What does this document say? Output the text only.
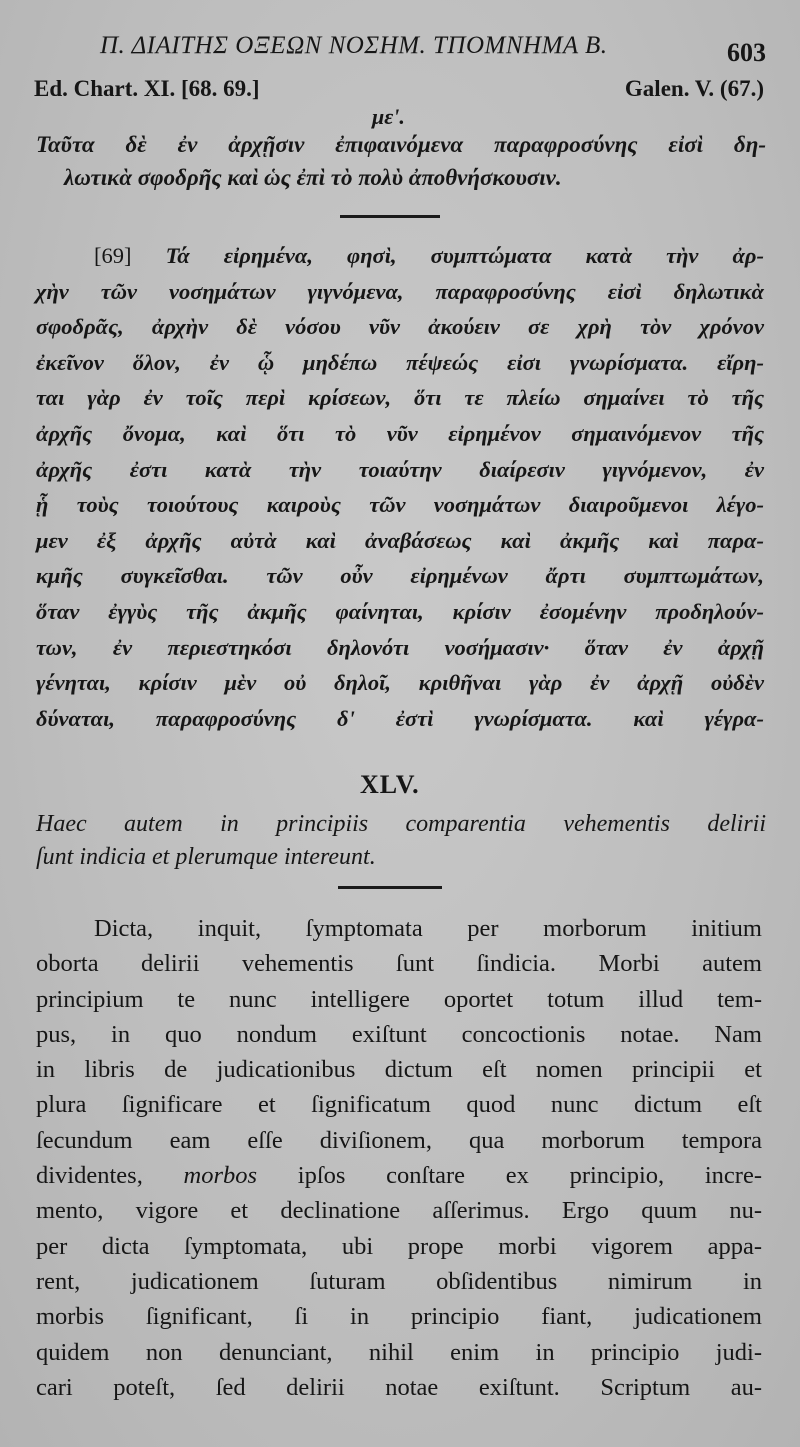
Π. ΔΙΑΙΤΗΣ ΟΞΕΩΝ ΝΟΣΗΜ. ΤΠΟΜΝΗΜΑ Β.	603
Ed. Chart. XI. [68. 69.]	Galen. V. (67.)
με'.
Ταῦτα δὲ ἐν ἀρχῇσιν ἐπιφαινόμενα παραφροσύνης εἰσὶ δη-
λωτικὰ σφοδρῆς καὶ ὡς ἐπὶ τὸ πολὺ ἀποθνήσκουσιν.
[69] Τά εἰρημένα, φησὶ, συμπτώματα κατὰ τὴν ἀρ-
χὴν τῶν νοσημάτων γιγνόμενα, παραφροσύνης εἰσὶ δηλωτικὰ
σφοδρᾶς, ἀρχὴν δὲ νόσου νῦν ἀκούειν σε χρὴ τὸν χρόνον
ἐκεῖνον ὅλον, ἐν ᾧ μηδέπω πέψεώς εἰσι γνωρίσματα. εἴρη-
ται γὰρ ἐν τοῖς περὶ κρίσεων, ὅτι τε πλείω σημαίνει τὸ τῆς
ἀρχῆς ὄνομα, καὶ ὅτι τὸ νῦν εἰρημένον σημαινόμενον τῆς
ἀρχῆς ἐστι κατὰ τὴν τοιαύτην διαίρεσιν γιγνόμενον, ἐν
ᾗ τοὺς τοιούτους καιροὺς τῶν νοσημάτων διαιροῦμενοι λέγο-
μεν ἐξ ἀρχῆς αὐτὰ καὶ ἀναβάσεως καὶ ἀκμῆς καὶ παρα-
κμῆς συγκεῖσθαι. τῶν οὖν εἰρημένων ἄρτι συμπτωμάτων,
ὅταν ἐγγὺς τῆς ἀκμῆς φαίνηται, κρίσιν ἐσομένην προδηλούν-
των, ἐν περιεστηκόσι δηλονότι νοσήμασιν· ὅταν ἐν ἀρχῇ
γένηται, κρίσιν μὲν οὐ δηλοῖ, κριθῆναι γὰρ ἐν ἀρχῇ οὐδὲν
δύναται, παραφροσύνης δ' ἐστὶ γνωρίσματα. καὶ γέγρα-
XLV.
Haec autem in principiis comparentia vehementis delirii
ſunt indicia et plerumque intereunt.
Dicta, inquit, ſymptomata per morborum initium
oborta delirii vehementis ſunt ſindicia. Morbi autem
principium te nunc intelligere oportet totum illud tem-
pus, in quo nondum exiſtunt concoctionis notae. Nam
in libris de judicationibus dictum eſt nomen principii et
plura ſignificare et ſignificatum quod nunc dictum eſt
ſecundum eam eſſe diviſionem, qua morborum tempora
dividentes, morbos ipſos conſtare ex principio, incre-
mento, vigore et declinatione aſſerimus. Ergo quum nu-
per dicta ſymptomata, ubi prope morbi vigorem appa-
rent, judicationem ſuturam obſidentibus nimirum in
morbis ſignificant, ſi in principio fiant, judicationem
quidem non denunciant, nihil enim in principio judi-
cari poteſt, ſed delirii notae exiſtunt. Scriptum au-
